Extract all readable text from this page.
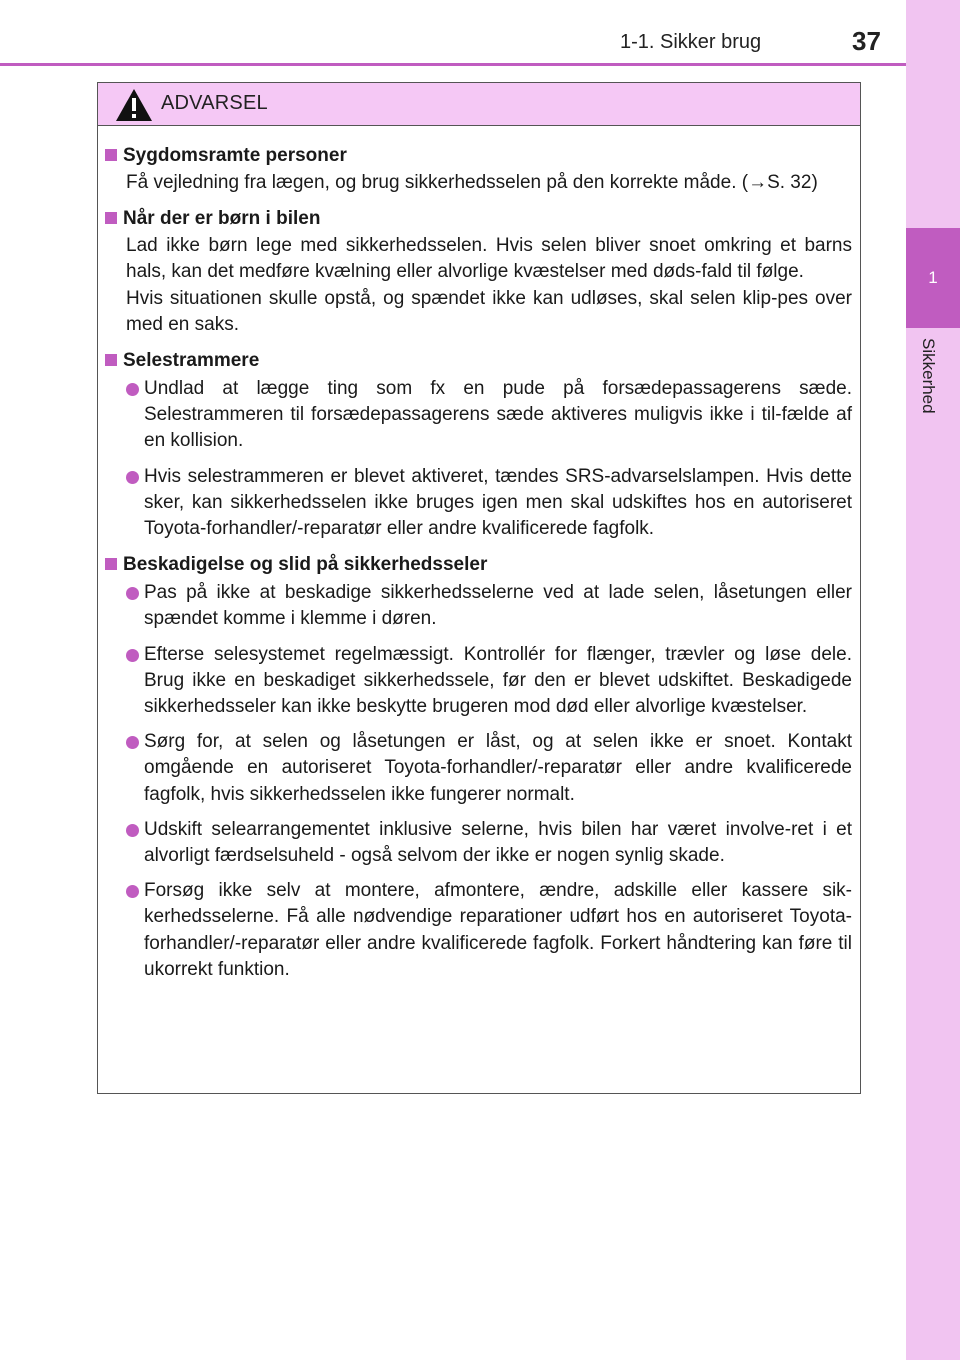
1-1. Sikker brug	37
1
Sikkerhed
ADVARSEL
Sygdomsramte personer
Få vejledning fra lægen, og brug sikkerhedsselen på den korrekte måde. (→S. 32)
Når der er børn i bilen
Lad ikke børn lege med sikkerhedsselen. Hvis selen bliver snoet omkring et barns hals, kan det medføre kvælning eller alvorlige kvæstelser med døds-fald til følge.
Hvis situationen skulle opstå, og spændet ikke kan udløses, skal selen klip-pes over med en saks.
Selestrammere
Undlad at lægge ting som fx en pude på forsædepassagerens sæde. Selestrammeren til forsædepassagerens sæde aktiveres muligvis ikke i til-fælde af en kollision.
Hvis selestrammeren er blevet aktiveret, tændes SRS-advarselslampen. Hvis dette sker, kan sikkerhedsselen ikke bruges igen men skal udskiftes hos en autoriseret Toyota-forhandler/-reparatør eller andre kvalificerede fagfolk.
Beskadigelse og slid på sikkerhedsseler
Pas på ikke at beskadige sikkerhedsselerne ved at lade selen, låsetungen eller spændet komme i klemme i døren.
Efterse selesystemet regelmæssigt. Kontrollér for flænger, trævler og løse dele. Brug ikke en beskadiget sikkerhedssele, før den er blevet udskiftet. Beskadigede sikkerhedsseler kan ikke beskytte brugeren mod død eller alvorlige kvæstelser.
Sørg for, at selen og låsetungen er låst, og at selen ikke er snoet. Kontakt omgående en autoriseret Toyota-forhandler/-reparatør eller andre kvalificerede fagfolk, hvis sikkerhedsselen ikke fungerer normalt.
Udskift selearrangementet inklusive selerne, hvis bilen har været involve-ret i et alvorligt færdselsuheld - også selvom der ikke er nogen synlig skade.
Forsøg ikke selv at montere, afmontere, ændre, adskille eller kassere sik-kerhedsselerne. Få alle nødvendige reparationer udført hos en autoriseret Toyota-forhandler/-reparatør eller andre kvalificerede fagfolk. Forkert håndtering kan føre til ukorrekt funktion.
